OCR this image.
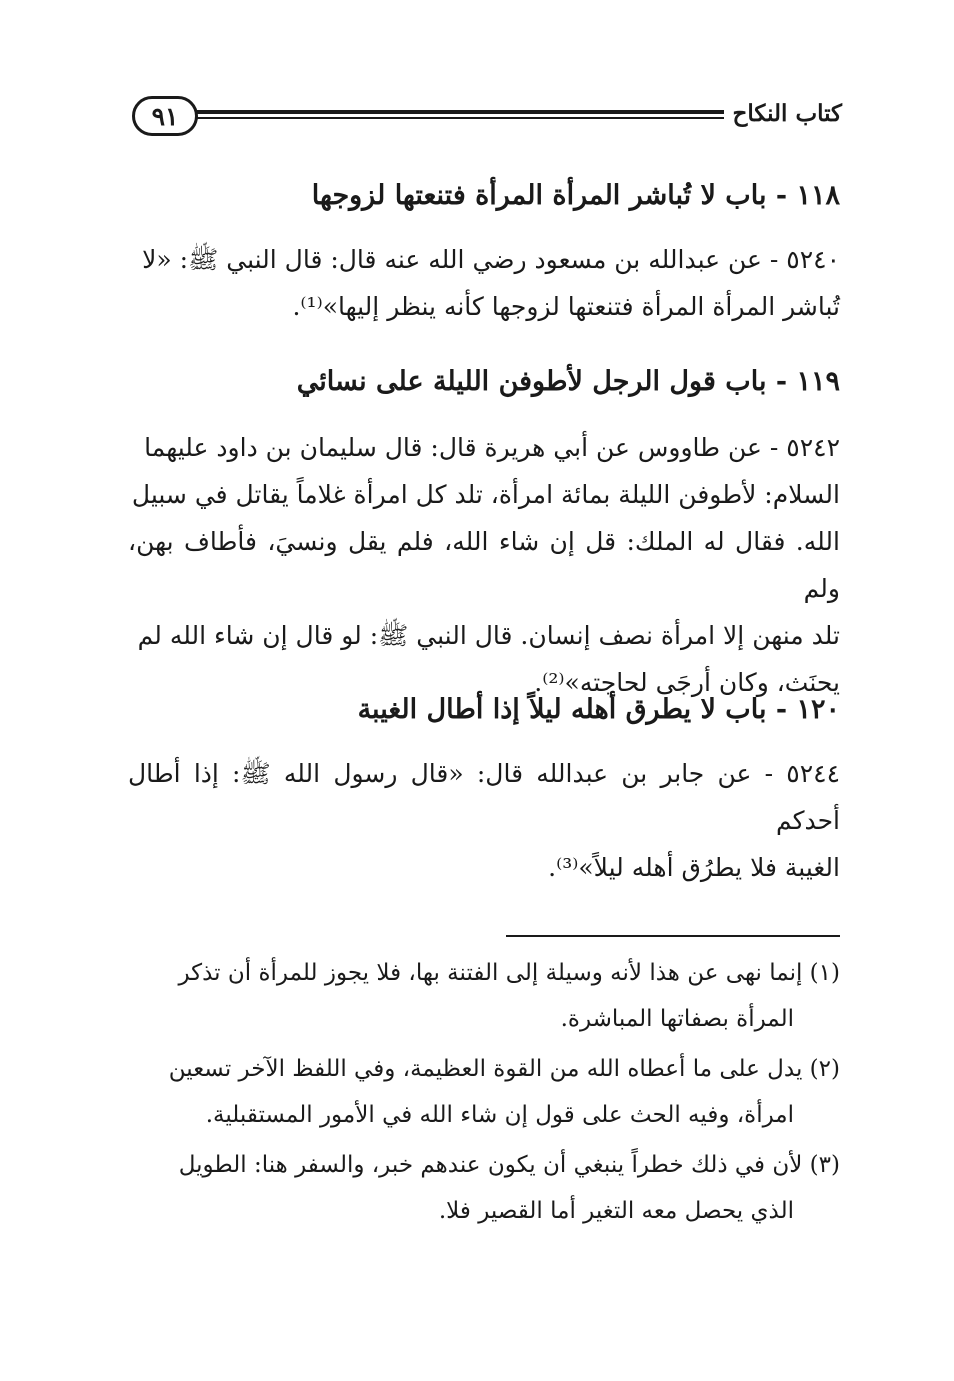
٩١	كتاب النكاح
١١٨ - باب لا تُباشر المرأة المرأة فتنعتها لزوجها
٥٢٤٠ - عن عبدالله بن مسعود رضي الله عنه قال: قال النبي ﷺ: «لا
تُباشر المرأة المرأة فتنعتها لزوجها كأنه ينظر إليها»⁽¹⁾.
١١٩ - باب قول الرجل لأطوفن الليلة على نسائي
٥٢٤٢ - عن طاووس عن أبي هريرة قال: قال سليمان بن داود عليهما
السلام: لأطوفن الليلة بمائة امرأة، تلد كل امرأة غلاماً يقاتل في سبيل
الله. فقال له الملك: قل إن شاء الله، فلم يقل ونسيَ، فأطاف بهن، ولم
تلد منهن إلا امرأة نصف إنسان. قال النبي ﷺ: لو قال إن شاء الله لم
يحنَث، وكان أرجَى لحاجته»⁽²⁾.
١٢٠ - باب لا يطرق أهله ليلاً إذا أطال الغيبة
٥٢٤٤ - عن جابر بن عبدالله قال: «قال رسول الله ﷺ: إذا أطال أحدكم
الغيبة فلا يطرُق أهله ليلاً»⁽³⁾.
(١) إنما نهى عن هذا لأنه وسيلة إلى الفتنة بها، فلا يجوز للمرأة أن تذكر
المرأة بصفاتها المباشرة.
(٢) يدل على ما أعطاه الله من القوة العظيمة، وفي اللفظ الآخر تسعين
امرأة، وفيه الحث على قول إن شاء الله في الأمور المستقبلية.
(٣) لأن في ذلك خطراً ينبغي أن يكون عندهم خبر، والسفر هنا: الطويل
الذي يحصل معه التغير أما القصير فلا.
